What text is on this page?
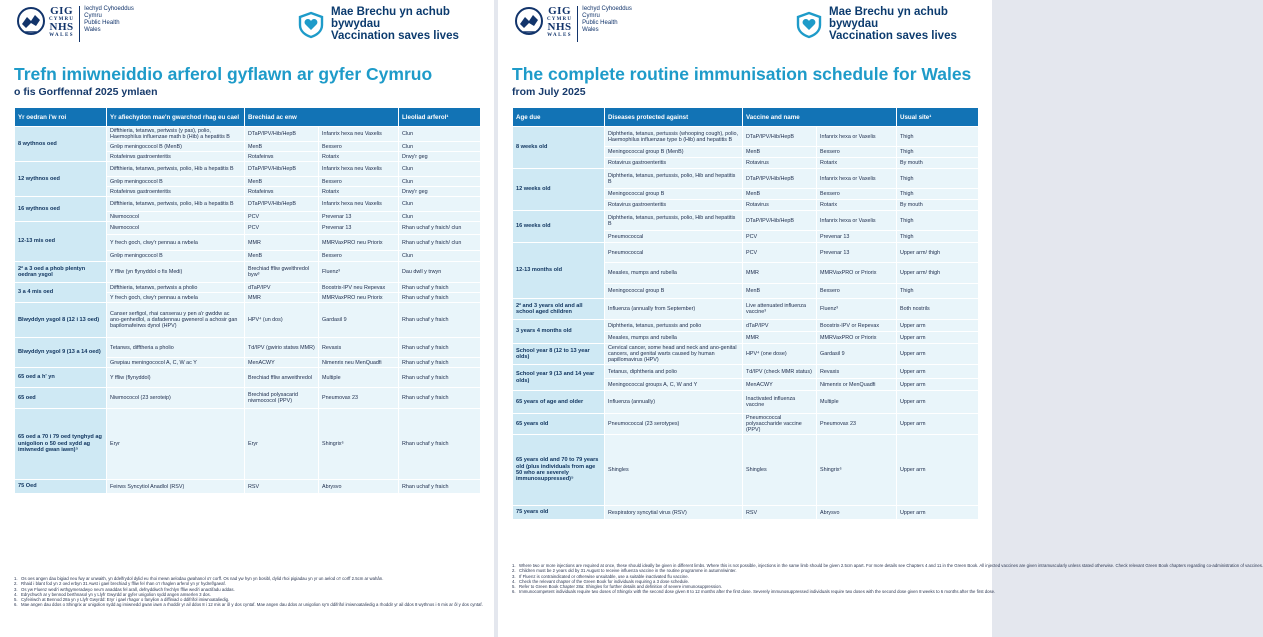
GIG
CYMRU
NHS
WALES
Iechyd Cyhoeddus
Cymru
Public Health
Wales
Mae Brechu yn achub bywydau
Vaccination saves lives
Trefn imiwneiddio arferol gyflawn ar gyfer Cymruo
o fis Gorffennaf 2025 ymlaen
Yr oedran i'w roi	Yr afiechydon mae'n gwarchod rhag eu cael	Brechiad ac enw		Lleoliad arferol¹
8 wythnos oed	Diffthieria, tetanws, pertwsis (y pas), polio, Haemophilus influenzae math b (Hib) a hepatitis B	DTaP/IPV/Hib/HepB	Infanrix hexa neu Vaxelis	Clun
	Grŵp meningococol B (MenB)	MenB	Bexsero	Clun
	Rotafeirws gastroenteritis	Rotafeirws	Rotarix	Drwy'r geg
12 wythnos oed	Diffthieria, tetanws, pertwsis, polio, Hib a hepatitis B	DTaP/IPV/Hib/HepB	Infanrix hexa neu Vaxelis	Clun
	Grŵp meningococol B	MenB	Bexsero	Clun
	Rotafeirws gastroenteritis	Rotafeirws	Rotarix	Drwy'r geg
16 wythnos oed	Diffthieria, tetanws, pertwsis, polio, Hib a hepatitis B	DTaP/IPV/Hib/HepB	Infanrix hexa neu Vaxelis	Clun
	Niwmococol	PCV	Prevenar 13	Clun
12-13 mis oed	Niwmococol	PCV	Prevenar 13	Rhan uchaf y fraich/ clun
	Y frech goch, clwy'r pennau a rwbela	MMR	MMRVaxPRO neu Priorix	Rhan uchaf y fraich/ clun
	Grŵp meningococol B	MenB	Bexsero	Clun
2² a 3 oed a phob plentyn oedran ysgol	Y ffliw (yn flynyddol o fis Medi)	Brechiad ffliw gwelthredol byw³	Fluenz³	Dau dwll y trwyn
3 a 4 mis oed	Diffthieria, tetanws, pertwsis a pholio	dTaP/IPV	Boostrix-IPV neu Repevax	Rhan uchaf y fraich
	Y frech goch, clwy'r pennau a rwbela	MMR	MMRVaxPRO neu Priorix	Rhan uchaf y fraich
Blwyddyn ysgol 8 (12 i 13 oed)	Canser serfigol, rhai canserau y pen a'r gwddw ac ano-genhedlol, a dafadennau gwenerol a achosir gan bapilomafeirws dynol (HPV)	HPV⁴ (un dos)	Gardasil 9	Rhan uchaf y fraich
Blwyddyn ysgol 9 (13 a 14 oed)	Tetanws, difftheria a pholio	Td/IPV (gwirio statws MMR)	Revaxis	Rhan uchaf y fraich
	Grwpiau meningococol A, C, W ac Y	MenACWY	Nimenrix neu MenQuadfi	Rhan uchaf y fraich
65 oed a h' yn	Y ffliw (flynyddol)	Brechiad ffliw anweithredol	Multiple	Rhan uchaf y fraich
65 oed	Niwmococol (23 seroteip)	Brechiad polysacarid niwmococol (PPV)	Pneumovax 23	Rhan uchaf y fraich
65 oed a 70 i 79 oed tynghyd ag unigolion o 50 oed sydd ag imiwnedd gwan iawn)⁵	Eryr	Eryr	Shingrix⁶	Rhan uchaf y fraich
75 Oed	Feirws Syncytiol Anadlol (RSV)	RSV	Abrysvo	Rhan uchaf y fraich
1. Os oes angen dau bigiad neu fwy ar unwaith, yn ddelfrydol dylid eu rhoi mewn aelodau gwahanol o'r corff. Os nad yw hyn yn bosibl, dylid rhoi pigiadau yn yr un aelod o'r corff 2.5cm ar wahân.
2. Rhaid i blant fod yn 2 oed erbyn 31 Awst i gael brechiad y ffliw fel rhan o'r rhaglen arferol yn yr hydref/gaeaf.
3. Os yw Fluenz wedi'i wrthgymeradwyo neu'n anaddas fel arall, defnyddiwch frechlyn ffliw wedi'i anactifadu addas.
4. Edrychwch ar y bennod berthnasol yn y Llyfr Gwyrdd ar gyfer unigolion sydd angen amserlen 3 dos.
5. Cyfeiriwch at Bennod 28a yn y Llyfr Gwyrdd: Eryr i gael rhagor o fanylion a diffiniad o ddifrifol imiwnoataliedig.
6. Mae angen dau ddos o Shingrix ar unigolion sydd ag imiwnedd gwan iawn a rhoddir yr ail ddos 8 i 12 mis ar ôl y dos cyntaf. Mae angen dau ddos ar unigolion sy'n ddifrifol imiwnoataliedig a rhoddir yr ail ddos 8 wythnos i 6 mis ar ôl y dos cyntaf.
GIG
CYMRU
NHS
WALES
Iechyd Cyhoeddus
Cymru
Public Health
Wales
Mae Brechu yn achub bywydau
Vaccination saves lives
The complete routine immunisation schedule for Wales
from July 2025
Age due	Diseases protected against	Vaccine and name		Usual site¹
8 weeks old	Diphtheria, tetanus, pertussis (whooping cough), polio, Haemophilus influenzae type b (Hib) and hepatitis B	DTaP/IPV/Hib/HepB	Infanrix hexa or Vaxelis	Thigh
	Meningococcal group B (MenB)	MenB	Bexsero	Thigh
	Rotavirus gastroenteritis	Rotavirus	Rotarix	By mouth
12 weeks old	Diphtheria, tetanus, pertussis, polio, Hib and hepatitis B	DTaP/IPV/Hib/HepB	Infanrix hexa or Vaxelis	Thigh
	Meningococcal group B	MenB	Bexsero	Thigh
	Rotavirus gastroenteritis	Rotavirus	Rotarix	By mouth
16 weeks old	Diphtheria, tetanus, pertussis, polio, Hib and hepatitis B	DTaP/IPV/Hib/HepB	Infanrix hexa or Vaxelis	Thigh
	Pneumococcal	PCV	Prevenar 13	Thigh
12-13 months old	Pneumococcal	PCV	Prevenar 13	Upper arm/ thigh
	Measles, mumps and rubella	MMR	MMRVaxPRO or Priorix	Upper arm/ thigh
	Meningococcal group B	MenB	Bexsero	Thigh
2² and 3 years old and all school aged children	Influenza (annually from September)	Live attenuated influenza vaccine³	Fluenz³	Both nostrils
3 years 4 months old	Diphtheria, tetanus, pertussis and polio	dTaP/IPV	Boostrix-IPV or Repevax	Upper arm
	Measles, mumps and rubella	MMR	MMRVaxPRO or Priorix	Upper arm
School year 8 (12 to 13 year olds)	Cervical cancer, some head and neck and ano-genital cancers, and genital warts caused by human papillomavirus (HPV)	HPV⁴ (one dose)	Gardasil 9	Upper arm
School year 9 (13 and 14 year olds)	Tetanus, diphtheria and polio	Td/IPV (check MMR status)	Revaxis	Upper arm
	Meningococcal groups A, C, W and Y	MenACWY	Nimenrix or MenQuadfi	Upper arm
65 years of age and older	Influenza (annually)	Inactivated influenza vaccine	Multiple	Upper arm
65 years old	Pneumococcal (23 serotypes)	Pneumococcal polysaccharide vaccine (PPV)	Pneumovax 23	Upper arm
65 years old and 70 to 79 years old (plus individuals from age 50 who are severely immunosuppressed)⁵	Shingles	Shingles	Shingrix⁶	Upper arm
75 years old	Respiratory syncytial virus (RSV)	RSV	Abrysvo	Upper arm
1. Where two or more injections are required at once, these should ideally be given in different limbs. Where this is not possible, injections in the same limb should be given 2.5cm apart. For more details see Chapters 4 and 11 in the Green Book. All injected vaccines are given intramuscularly unless stated otherwise. Check relevant Green Book chapters regarding co-administration of vaccines.
2. Children must be 2 years old by 31 August to receive influenza vaccine in the routine programme in autumn/winter.
3. If Fluenz is contraindicated or otherwise unsuitable, use a suitable inactivated flu vaccine.
4. Check the relevant chapter of the Green Book for individuals requiring a 3 dose schedule.
5. Refer to Green Book Chapter 28a: Shingles for further details and definition of severe immunosuppression.
6. Immunocompetent individuals require two doses of Shingrix with the second dose given 8 to 12 months after the first dose. Severely immunosuppressed individuals require two doses with the second dose given 8 weeks to 6 months after the first dose.
